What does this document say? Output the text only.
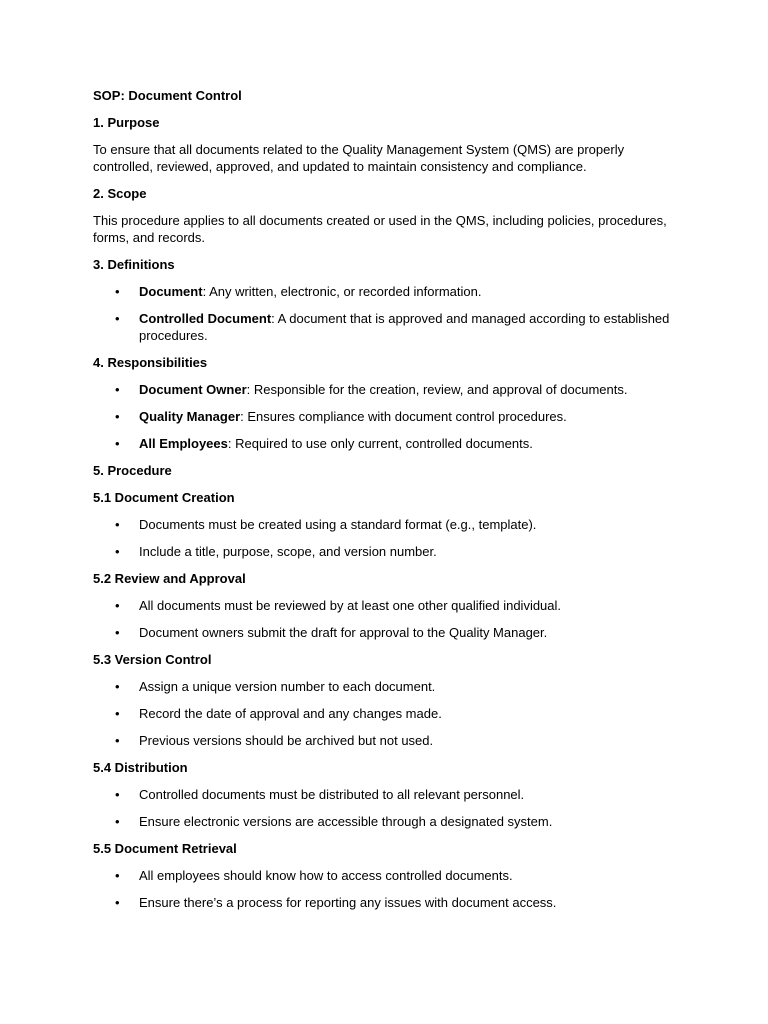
SOP: Document Control
1. Purpose
To ensure that all documents related to the Quality Management System (QMS) are properly controlled, reviewed, approved, and updated to maintain consistency and compliance.
2. Scope
This procedure applies to all documents created or used in the QMS, including policies, procedures, forms, and records.
3. Definitions
• Document: Any written, electronic, or recorded information.
• Controlled Document: A document that is approved and managed according to established procedures.
4. Responsibilities
• Document Owner: Responsible for the creation, review, and approval of documents.
• Quality Manager: Ensures compliance with document control procedures.
• All Employees: Required to use only current, controlled documents.
5. Procedure
5.1 Document Creation
• Documents must be created using a standard format (e.g., template).
• Include a title, purpose, scope, and version number.
5.2 Review and Approval
• All documents must be reviewed by at least one other qualified individual.
• Document owners submit the draft for approval to the Quality Manager.
5.3 Version Control
• Assign a unique version number to each document.
• Record the date of approval and any changes made.
• Previous versions should be archived but not used.
5.4 Distribution
• Controlled documents must be distributed to all relevant personnel.
• Ensure electronic versions are accessible through a designated system.
5.5 Document Retrieval
• All employees should know how to access controlled documents.
• Ensure there’s a process for reporting any issues with document access.
